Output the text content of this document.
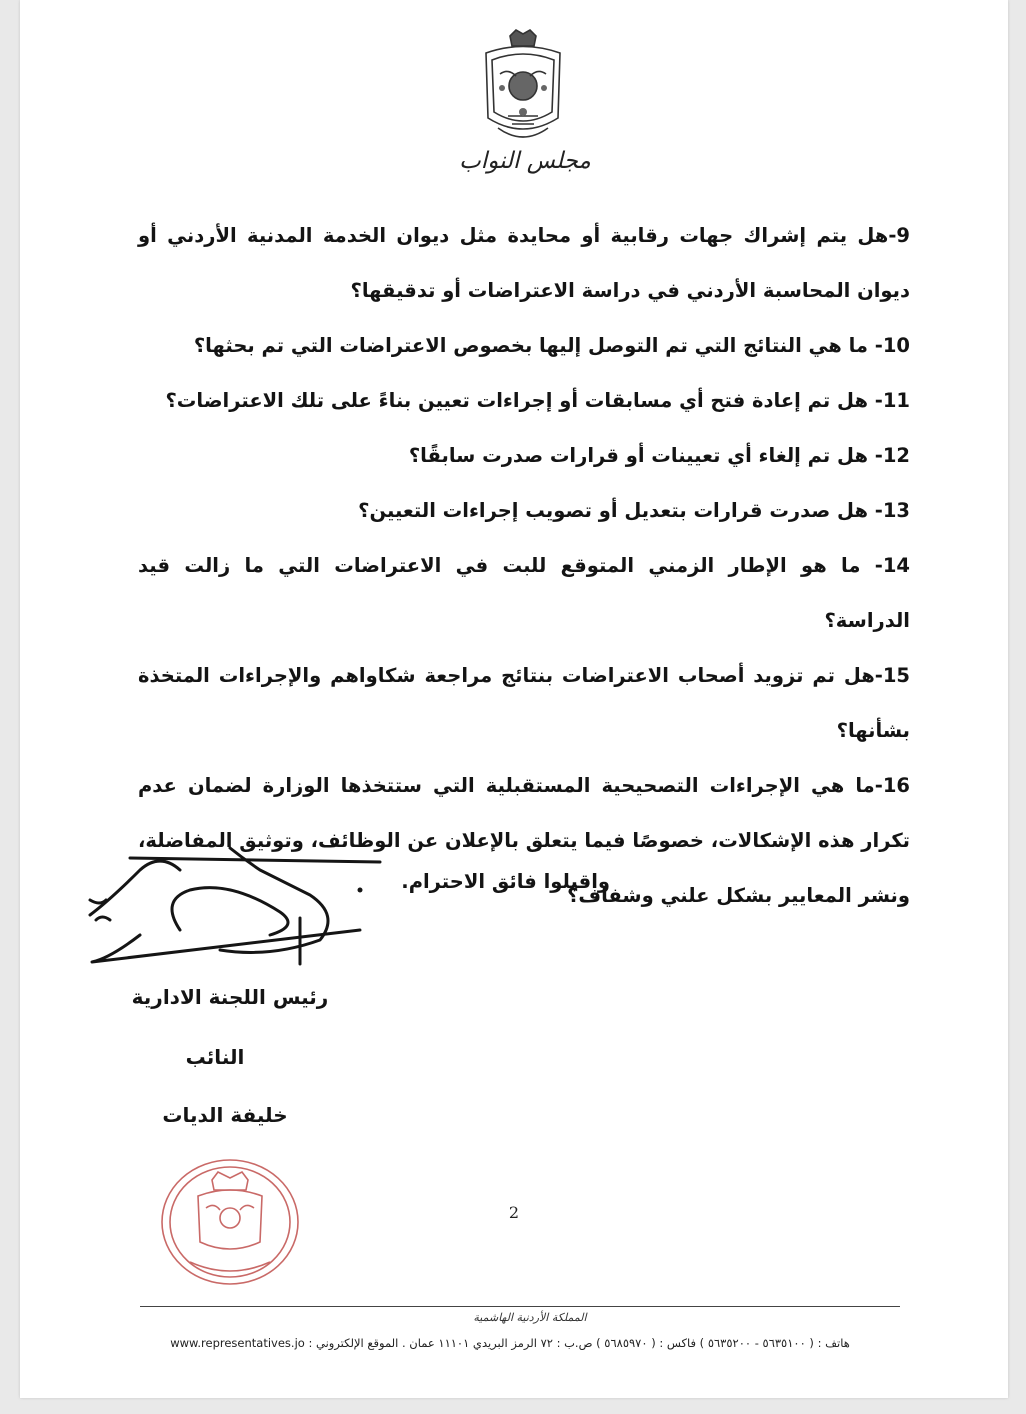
مجلس النواب

9-هل يتم إشراك جهات رقابية أو محايدة مثل ديوان الخدمة المدنية الأردني أو ديوان المحاسبة الأردني في دراسة الاعتراضات أو تدقيقها؟

10- ما هي النتائج التي تم التوصل إليها بخصوص الاعتراضات التي تم بحثها؟

11- هل تم إعادة فتح أي مسابقات أو إجراءات تعيين بناءً على تلك الاعتراضات؟

12- هل تم إلغاء أي تعيينات أو قرارات صدرت سابقًا؟

13- هل صدرت قرارات بتعديل أو تصويب إجراءات التعيين؟

14- ما هو الإطار الزمني المتوقع للبت في الاعتراضات التي ما زالت قيد الدراسة؟

15-هل تم تزويد أصحاب الاعتراضات بنتائج مراجعة شكاواهم والإجراءات المتخذة بشأنها؟

16-ما هي الإجراءات التصحيحية المستقبلية التي ستتخذها الوزارة لضمان عدم تكرار هذه الإشكالات، خصوصًا فيما يتعلق بالإعلان عن الوظائف، وتوثيق المفاضلة، ونشر المعايير بشكل علني وشفاف؟

واقبلوا فائق الاحترام.
رئيس اللجنة الادارية
النائب
خليفة الديات
2
المملكة الأردنية الهاشمية
هاتف : ( ٥٦٣٥١٠٠ - ٥٦٣٥٢٠٠ ) فاكس : ( ٥٦٨٥٩٧٠ ) ص.ب : ٧٢ الرمز البريدي ١١١٠١ عمان . الموقع الإلكتروني : www.representatives.jo
